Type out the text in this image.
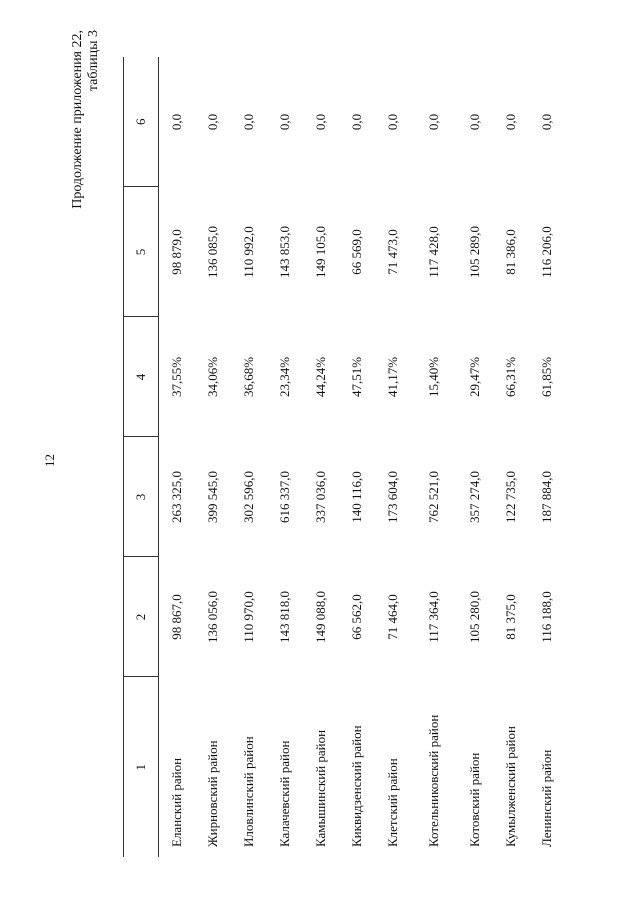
12
Продолжение приложения 22, таблицы 3
1	2	3	4	5	6
Еланский район	98 867,0	263 325,0	37,55%	98 879,0	0,0
Жирновский район	136 056,0	399 545,0	34,06%	136 085,0	0,0
Иловлинский район	110 970,0	302 596,0	36,68%	110 992,0	0,0
Калачевский район	143 818,0	616 337,0	23,34%	143 853,0	0,0
Камышинский район	149 088,0	337 036,0	44,24%	149 105,0	0,0
Киквидзенский район	66 562,0	140 116,0	47,51%	66 569,0	0,0
Клетский район	71 464,0	173 604,0	41,17%	71 473,0	0,0
Котельниковский район	117 364,0	762 521,0	15,40%	117 428,0	0,0
Котовский район	105 280,0	357 274,0	29,47%	105 289,0	0,0
Кумылженский район	81 375,0	122 735,0	66,31%	81 386,0	0,0
Ленинский район	116 188,0	187 884,0	61,85%	116 206,0	0,0
